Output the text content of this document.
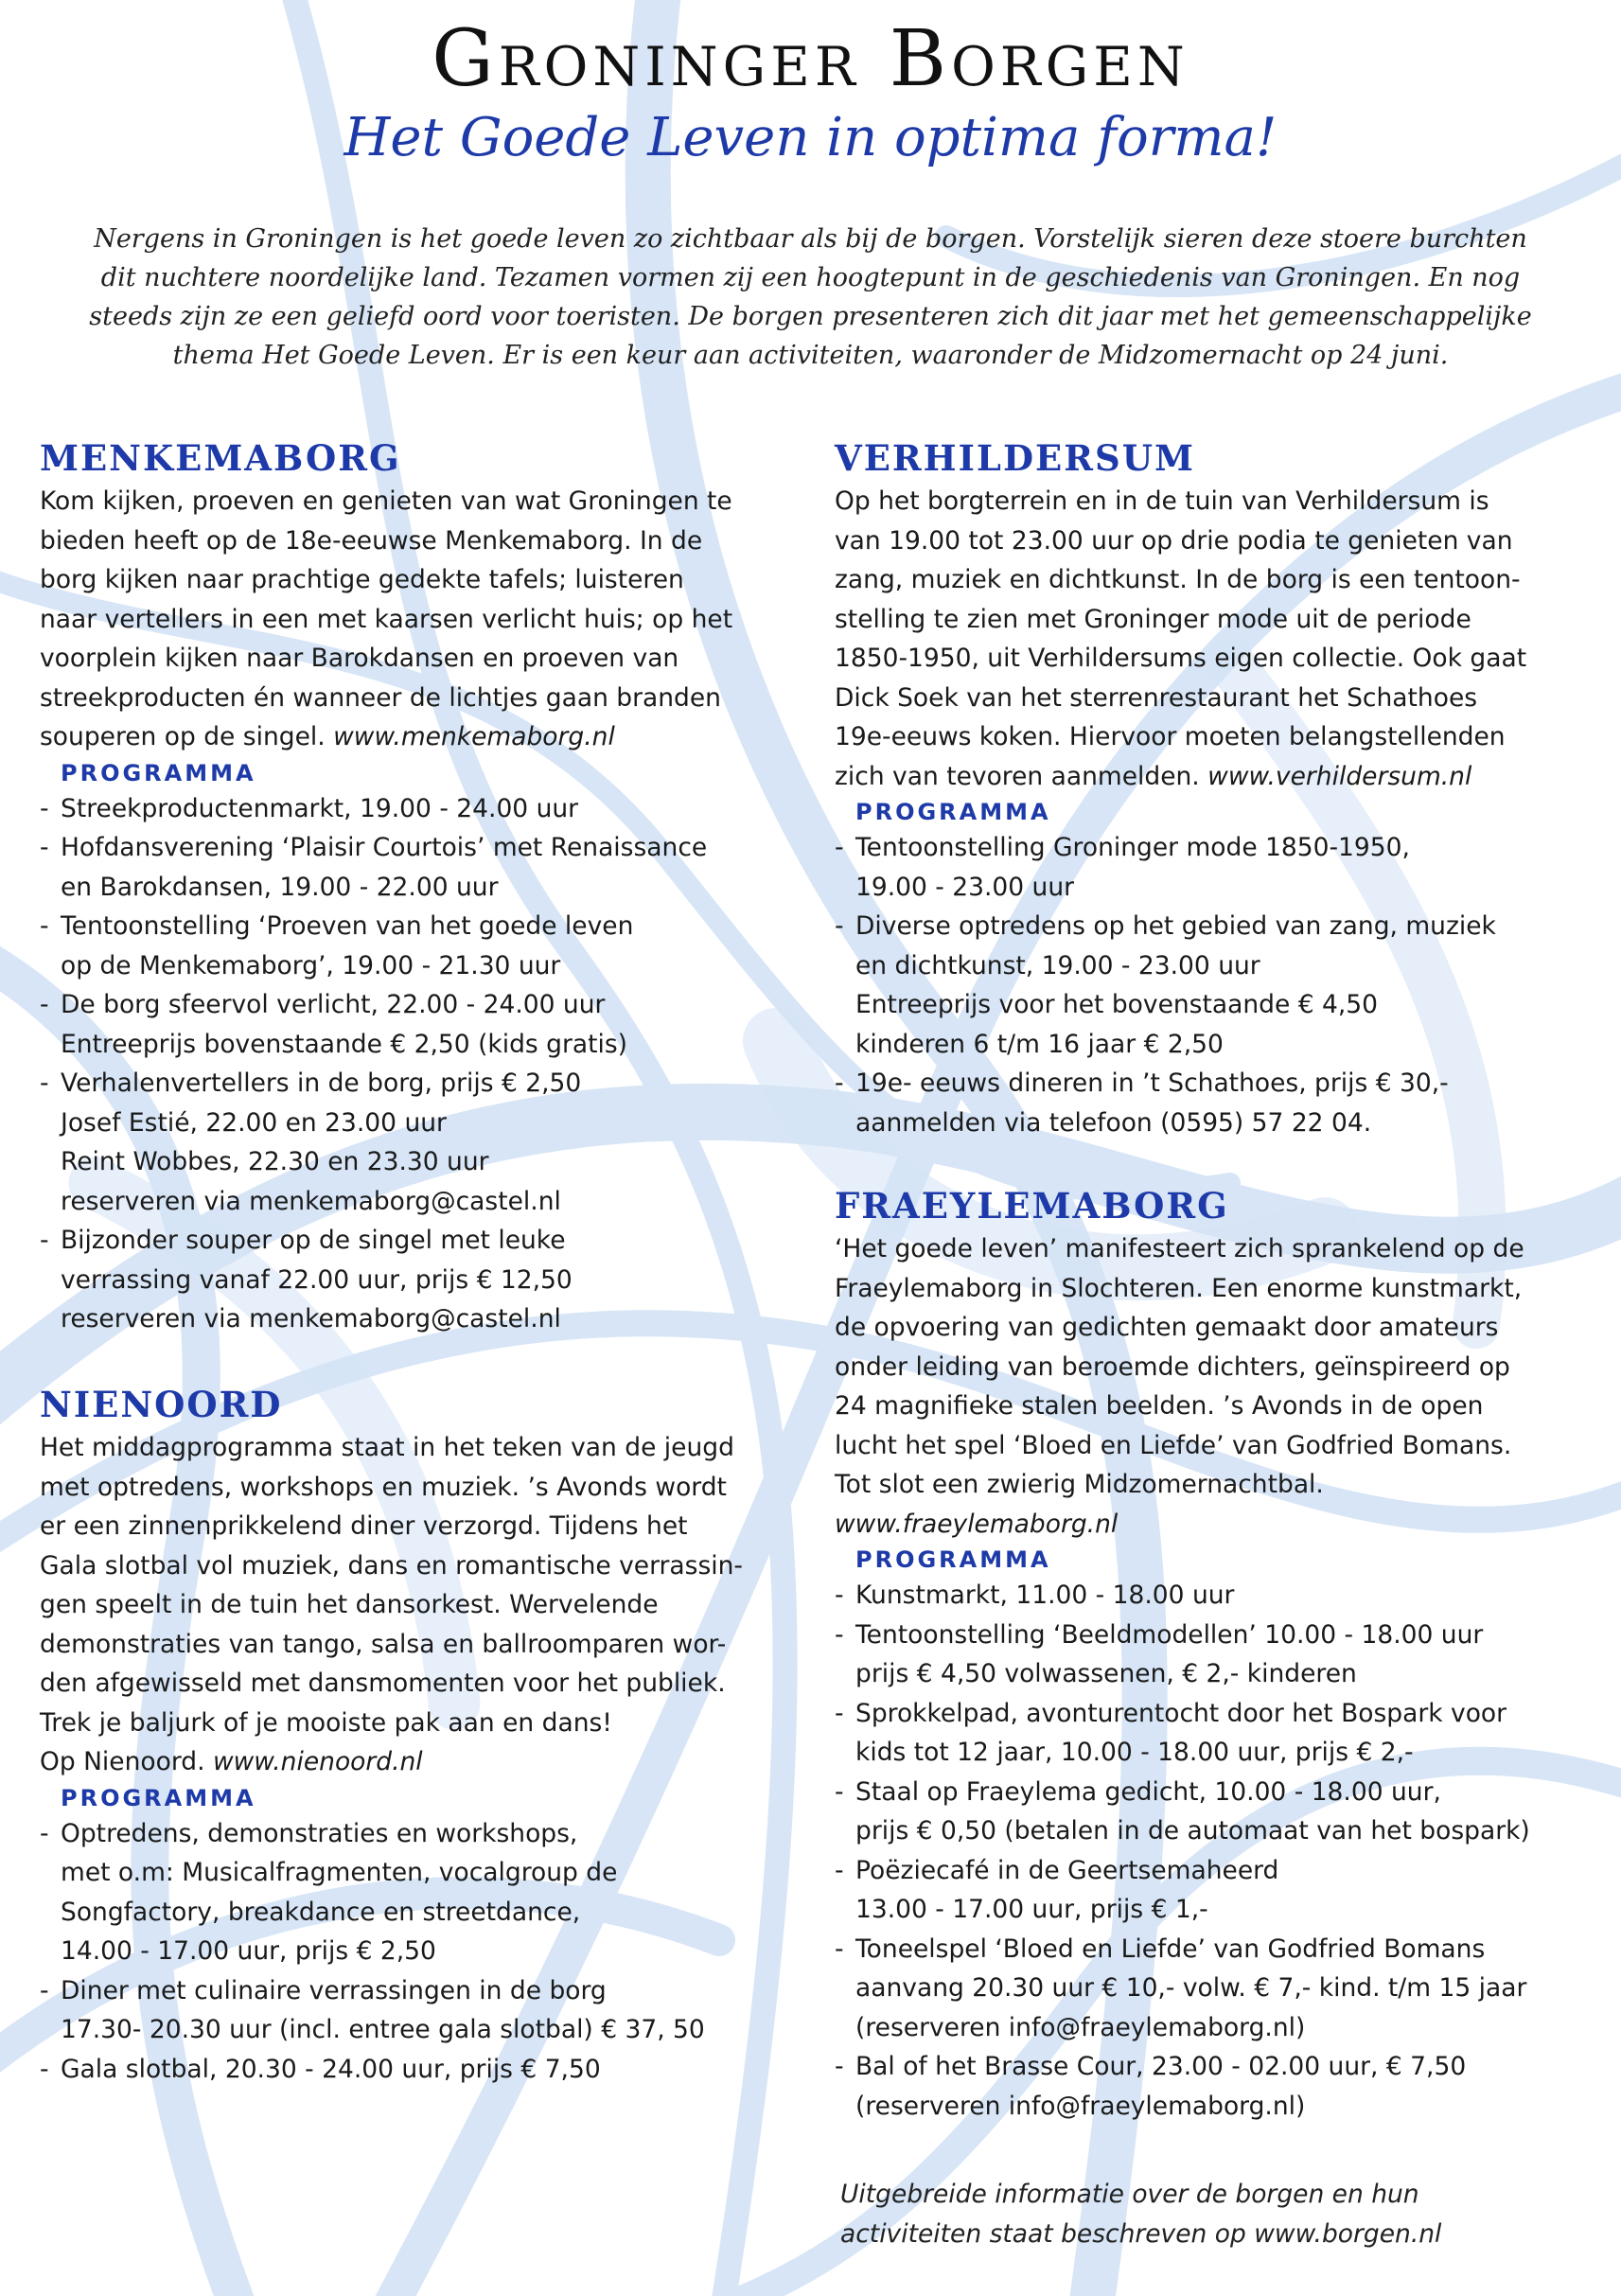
Groninger Borgen
Het Goede Leven in optima forma!

Nergens in Groningen is het goede leven zo zichtbaar als bij de borgen. Vorstelijk sieren deze stoere burchten
dit nuchtere noordelijke land. Tezamen vormen zij een hoogtepunt in de geschiedenis van Groningen. En nog
steeds zijn ze een geliefd oord voor toeristen. De borgen presenteren zich dit jaar met het gemeenschappelijke
thema Het Goede Leven. Er is een keur aan activiteiten, waaronder de Midzomernacht op 24 juni.

MENKEMABORG

Kom kijken, proeven en genieten van wat Groningen te
bieden heeft op de 18e-eeuwse Menkemaborg. In de
borg kijken naar prachtige gedekte tafels; luisteren
naar vertellers in een met kaarsen verlicht huis; op het
voorplein kijken naar Barokdansen en proeven van
streekproducten én wanneer de lichtjes gaan branden
souperen op de singel. www.menkemaborg.nl

PROGRAMMA

- Streekproductenmarkt, 19.00 - 24.00 uur
- Hofdansverening ‘Plaisir Courtois’ met Renaissance
en Barokdansen, 19.00 - 22.00 uur
- Tentoonstelling ‘Proeven van het goede leven
op de Menkemaborg’, 19.00 - 21.30 uur
- De borg sfeervol verlicht, 22.00 - 24.00 uur
Entreeprijs bovenstaande € 2,50 (kids gratis)
- Verhalenvertellers in de borg, prijs € 2,50
Josef Estié, 22.00 en 23.00 uur
Reint Wobbes, 22.30 en 23.30 uur
reserveren via menkemaborg@castel.nl
- Bijzonder souper op de singel met leuke
verrassing vanaf 22.00 uur, prijs € 12,50
reserveren via menkemaborg@castel.nl
NIENOORD

Het middagprogramma staat in het teken van de jeugd
met optredens, workshops en muziek. ’s Avonds wordt
er een zinnenprikkelend diner verzorgd. Tijdens het
Gala slotbal vol muziek, dans en romantische verrassin-
gen speelt in de tuin het dansorkest. Wervelende
demonstraties van tango, salsa en ballroomparen wor-
den afgewisseld met dansmomenten voor het publiek.
Trek je baljurk of je mooiste pak aan en dans!
Op Nienoord. www.nienoord.nl

PROGRAMMA

- Optredens, demonstraties en workshops,
met o.m: Musicalfragmenten, vocalgroup de
Songfactory, breakdance en streetdance,
14.00 - 17.00 uur, prijs € 2,50
- Diner met culinaire verrassingen in de borg
17.30- 20.30 uur (incl. entree gala slotbal) € 37, 50
- Gala slotbal, 20.30 - 24.00 uur, prijs € 7,50
VERHILDERSUM

Op het borgterrein en in de tuin van Verhildersum is
van 19.00 tot 23.00 uur op drie podia te genieten van
zang, muziek en dichtkunst. In de borg is een tentoon-
stelling te zien met Groninger mode uit de periode
1850-1950, uit Verhildersums eigen collectie. Ook gaat
Dick Soek van het sterrenrestaurant het Schathoes
19e-eeuws koken. Hiervoor moeten belangstellenden
zich van tevoren aanmelden. www.verhildersum.nl

PROGRAMMA

- Tentoonstelling Groninger mode 1850-1950,
19.00 - 23.00 uur
- Diverse optredens op het gebied van zang, muziek
en dichtkunst, 19.00 - 23.00 uur
Entreeprijs voor het bovenstaande € 4,50
kinderen 6 t/m 16 jaar € 2,50
- 19e- eeuws dineren in ’t Schathoes, prijs € 30,-
aanmelden via telefoon (0595) 57 22 04.
FRAEYLEMABORG

‘Het goede leven’ manifesteert zich sprankelend op de
Fraeylemaborg in Slochteren. Een enorme kunstmarkt,
de opvoering van gedichten gemaakt door amateurs
onder leiding van beroemde dichters, geïnspireerd op
24 magnifieke stalen beelden. ’s Avonds in de open
lucht het spel ‘Bloed en Liefde’ van Godfried Bomans.
Tot slot een zwierig Midzomernachtbal.
www.fraeylemaborg.nl

PROGRAMMA

- Kunstmarkt, 11.00 - 18.00 uur
- Tentoonstelling ‘Beeldmodellen’ 10.00 - 18.00 uur
prijs € 4,50 volwassenen, € 2,- kinderen
- Sprokkelpad, avonturentocht door het Bospark voor
kids tot 12 jaar, 10.00 - 18.00 uur, prijs € 2,-
- Staal op Fraeylema gedicht, 10.00 - 18.00 uur,
prijs € 0,50 (betalen in de automaat van het bospark)
- Poëziecafé in de Geertsemaheerd
13.00 - 17.00 uur, prijs € 1,-
- Toneelspel ‘Bloed en Liefde’ van Godfried Bomans
aanvang 20.30 uur € 10,- volw. € 7,- kind. t/m 15 jaar
(reserveren info@fraeylemaborg.nl)
- Bal of het Brasse Cour, 23.00 - 02.00 uur, € 7,50
(reserveren info@fraeylemaborg.nl)

Uitgebreide informatie over de borgen en hun
activiteiten staat beschreven op www.borgen.nl
